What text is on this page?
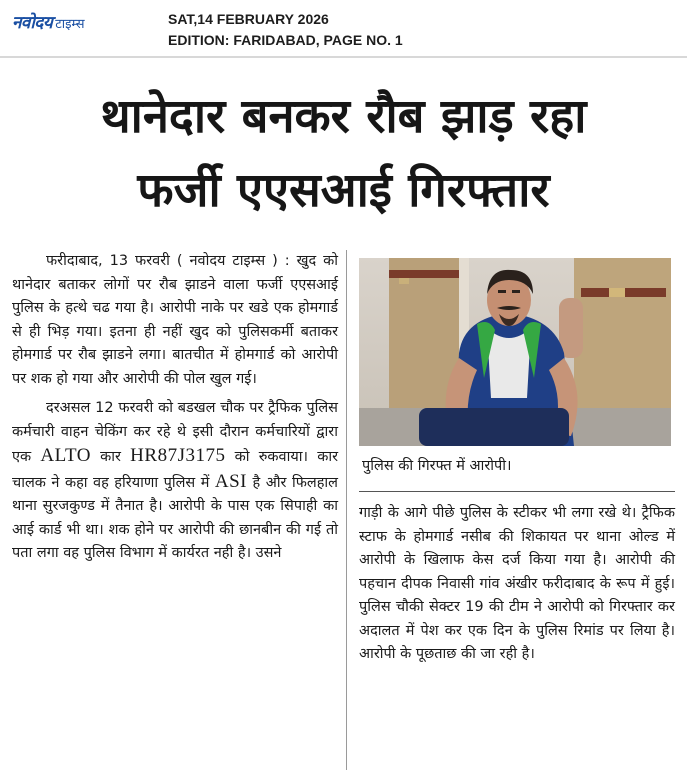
नवोदय टाइम्स	SAT,14 FEBRUARY 2026
EDITION: FARIDABAD, PAGE NO. 1
थानेदार बनकर रौब झाड़ रहा
फर्जी एएसआई गिरफ्तार

फरीदाबाद, 13 फरवरी ( नवोदय टाइम्स ) : खुद को थानेदार बताकर लोगों पर रौब झाडने वाला फर्जी एएसआई पुलिस के हत्थे चढ गया है। आरोपी नाके पर खडे एक होमगार्ड से ही भिड़ गया। इतना ही नहीं खुद को पुलिसकर्मी बताकर होमगार्ड पर रौब झाडने लगा। बातचीत में होमगार्ड को आरोपी पर शक हो गया और आरोपी की पोल खुल गई।

दरअसल 12 फरवरी को बडखल चौक पर ट्रैफिक पुलिस कर्मचारी वाहन चेकिंग कर रहे थे इसी दौरान कर्मचारियों द्वारा एक ALTO कार HR87J3175 को रुकवाया। कार चालक ने कहा वह हरियाणा पुलिस में ASI है और फिलहाल थाना सुरजकुण्ड में तैनात है। आरोपी के पास एक सिपाही का आई कार्ड भी था। शक होने पर आरोपी की छानबीन की गई तो पता लगा वह पुलिस विभाग में कार्यरत नही है। उसने

पुलिस की गिरफ्त में आरोपी।

गाड़ी के आगे पीछे पुलिस के स्टीकर भी लगा रखे थे। ट्रैफिक स्टाफ के होमगार्ड नसीब की शिकायत पर थाना ओल्ड में आरोपी के खिलाफ केस दर्ज किया गया है। आरोपी की पहचान दीपक निवासी गांव अंखीर फरीदाबाद के रूप में हुई। पुलिस चौकी सेक्टर 19 की टीम ने आरोपी को गिरफ्तार कर अदालत में पेश कर एक दिन के पुलिस रिमांड पर लिया है। आरोपी के पूछताछ की जा रही है।
